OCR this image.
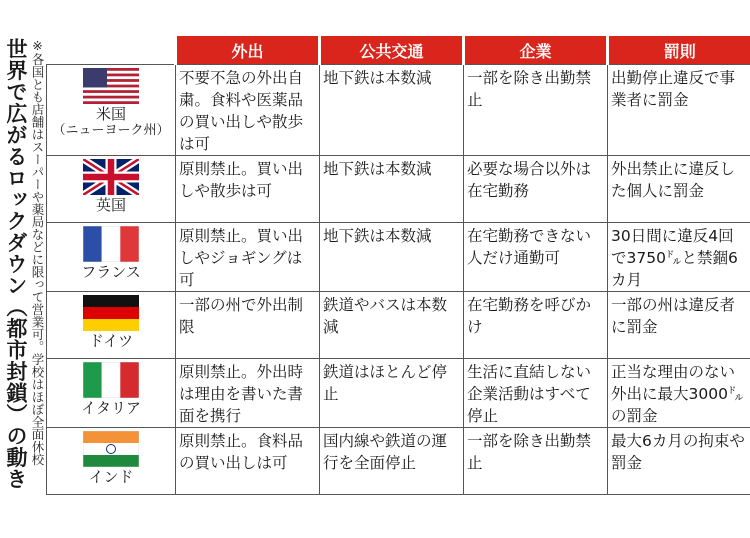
世界で広がるロックダウン（都市封鎖）の動き ※各国とも店舗はスーパーや薬局などに限って営業可。学校はほぼ全面休校
		外出	公共交通	企業	罰則

米国
（ニューヨーク州）	不要不急の外出自粛。食料や医薬品の買い出しや散歩は可	地下鉄は本数減	一部を除き出勤禁止	出勤停止違反で事業者に罰金

英国	原則禁止。買い出しや散歩は可	地下鉄は本数減	必要な場合以外は在宅勤務	外出禁止に違反した個人に罰金

フランス	原則禁止。買い出しやジョギングは可	地下鉄は本数減	在宅勤務できない人だけ通勤可	30日間に違反4回で3750㌦と禁錮6カ月

ドイツ	一部の州で外出制限	鉄道やバスは本数減	在宅勤務を呼びかけ	一部の州は違反者に罰金

イタリア	原則禁止。外出時は理由を書いた書面を携行	鉄道はほとんど停止	生活に直結しない企業活動はすべて停止	正当な理由のない外出に最大3000㌦の罰金

インド	原則禁止。食料品の買い出しは可	国内線や鉄道の運行を全面停止	一部を除き出勤禁止	最大6カ月の拘束や罰金
